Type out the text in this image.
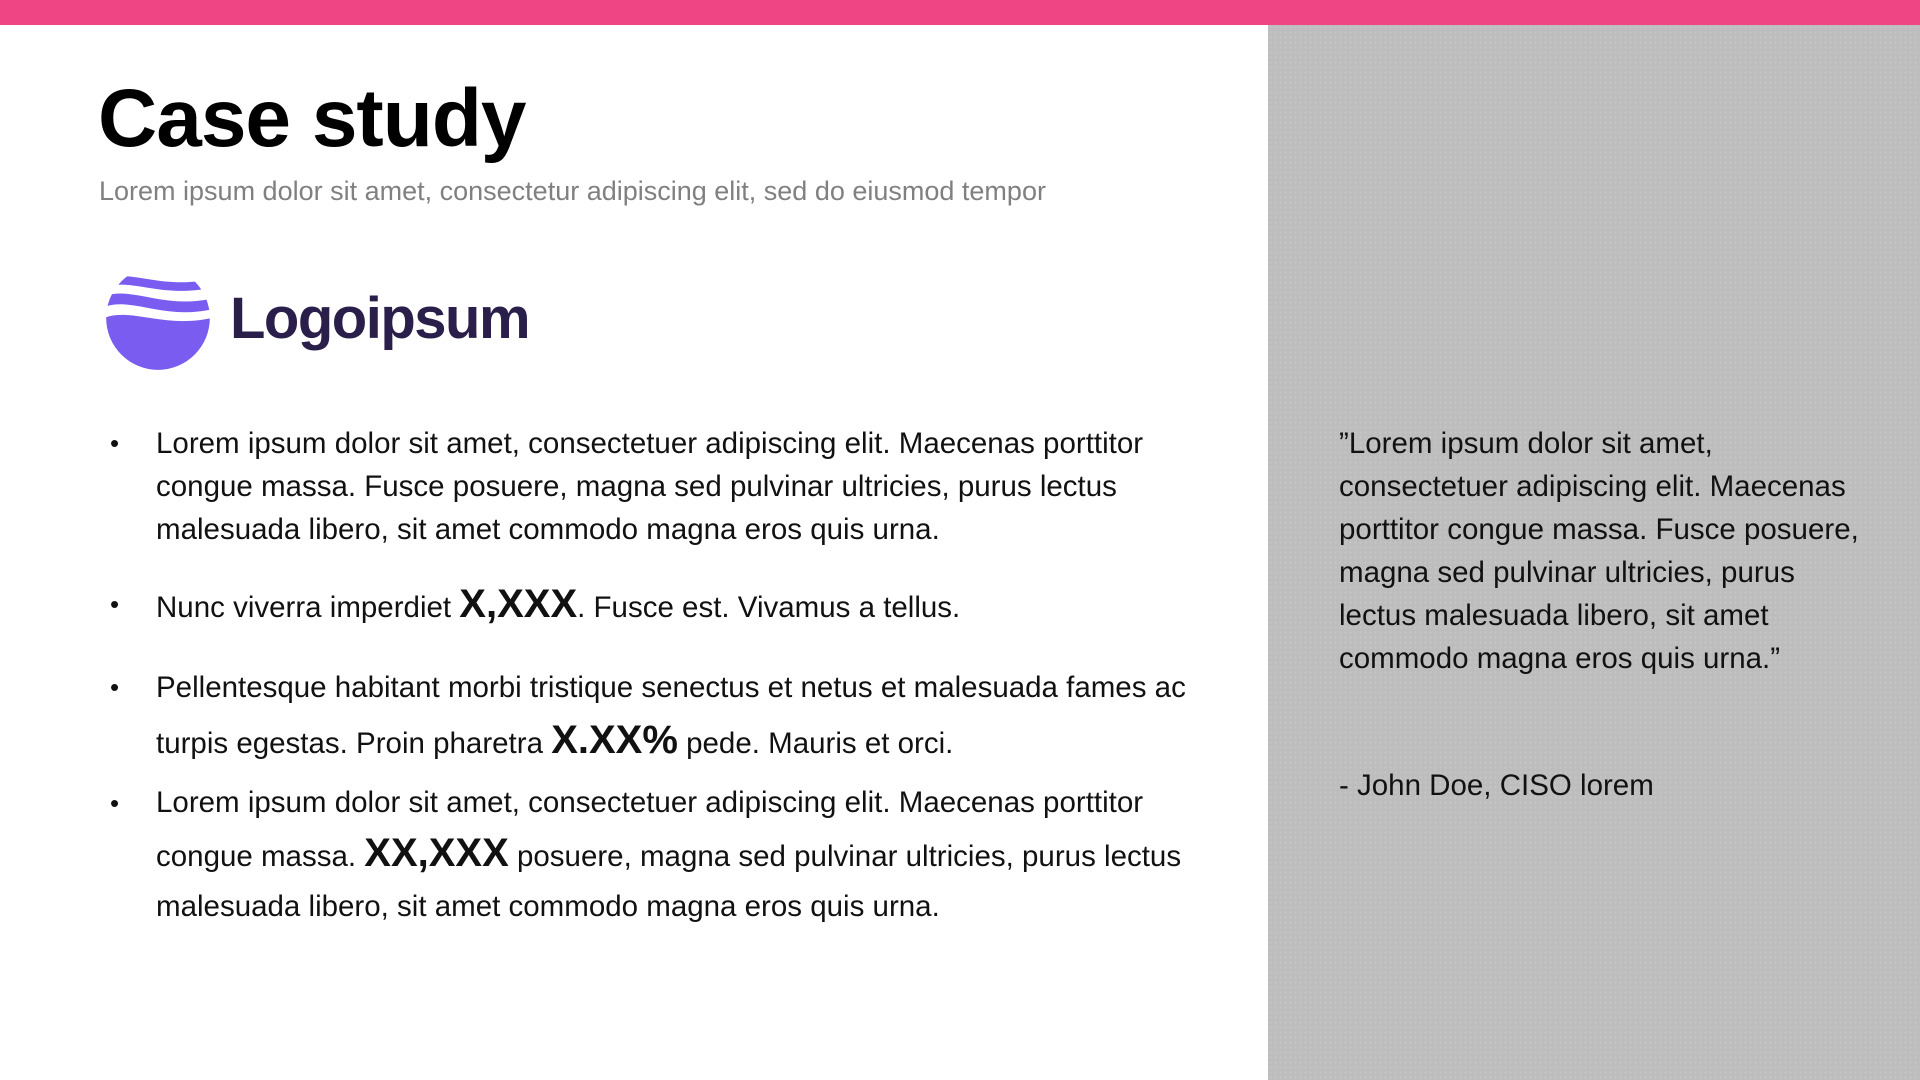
Case study
Lorem ipsum dolor sit amet, consectetur adipiscing elit, sed do eiusmod tempor
Logoipsum
• Lorem ipsum dolor sit amet, consectetuer adipiscing elit. Maecenas porttitor congue massa. Fusce posuere, magna sed pulvinar ultricies, purus lectus malesuada libero, sit amet commodo magna eros quis urna.
• Nunc viverra imperdiet X,XXX. Fusce est. Vivamus a tellus.
• Pellentesque habitant morbi tristique senectus et netus et malesuada fames ac turpis egestas. Proin pharetra X.XX% pede. Mauris et orci.
• Lorem ipsum dolor sit amet, consectetuer adipiscing elit. Maecenas porttitor congue massa. XX,XXX posuere, magna sed pulvinar ultricies, purus lectus malesuada libero, sit amet commodo magna eros quis urna.
”Lorem ipsum dolor sit amet, consectetuer adipiscing elit. Maecenas porttitor congue massa. Fusce posuere, magna sed pulvinar ultricies, purus lectus malesuada libero, sit amet commodo magna eros quis urna.”
- John Doe, CISO lorem
